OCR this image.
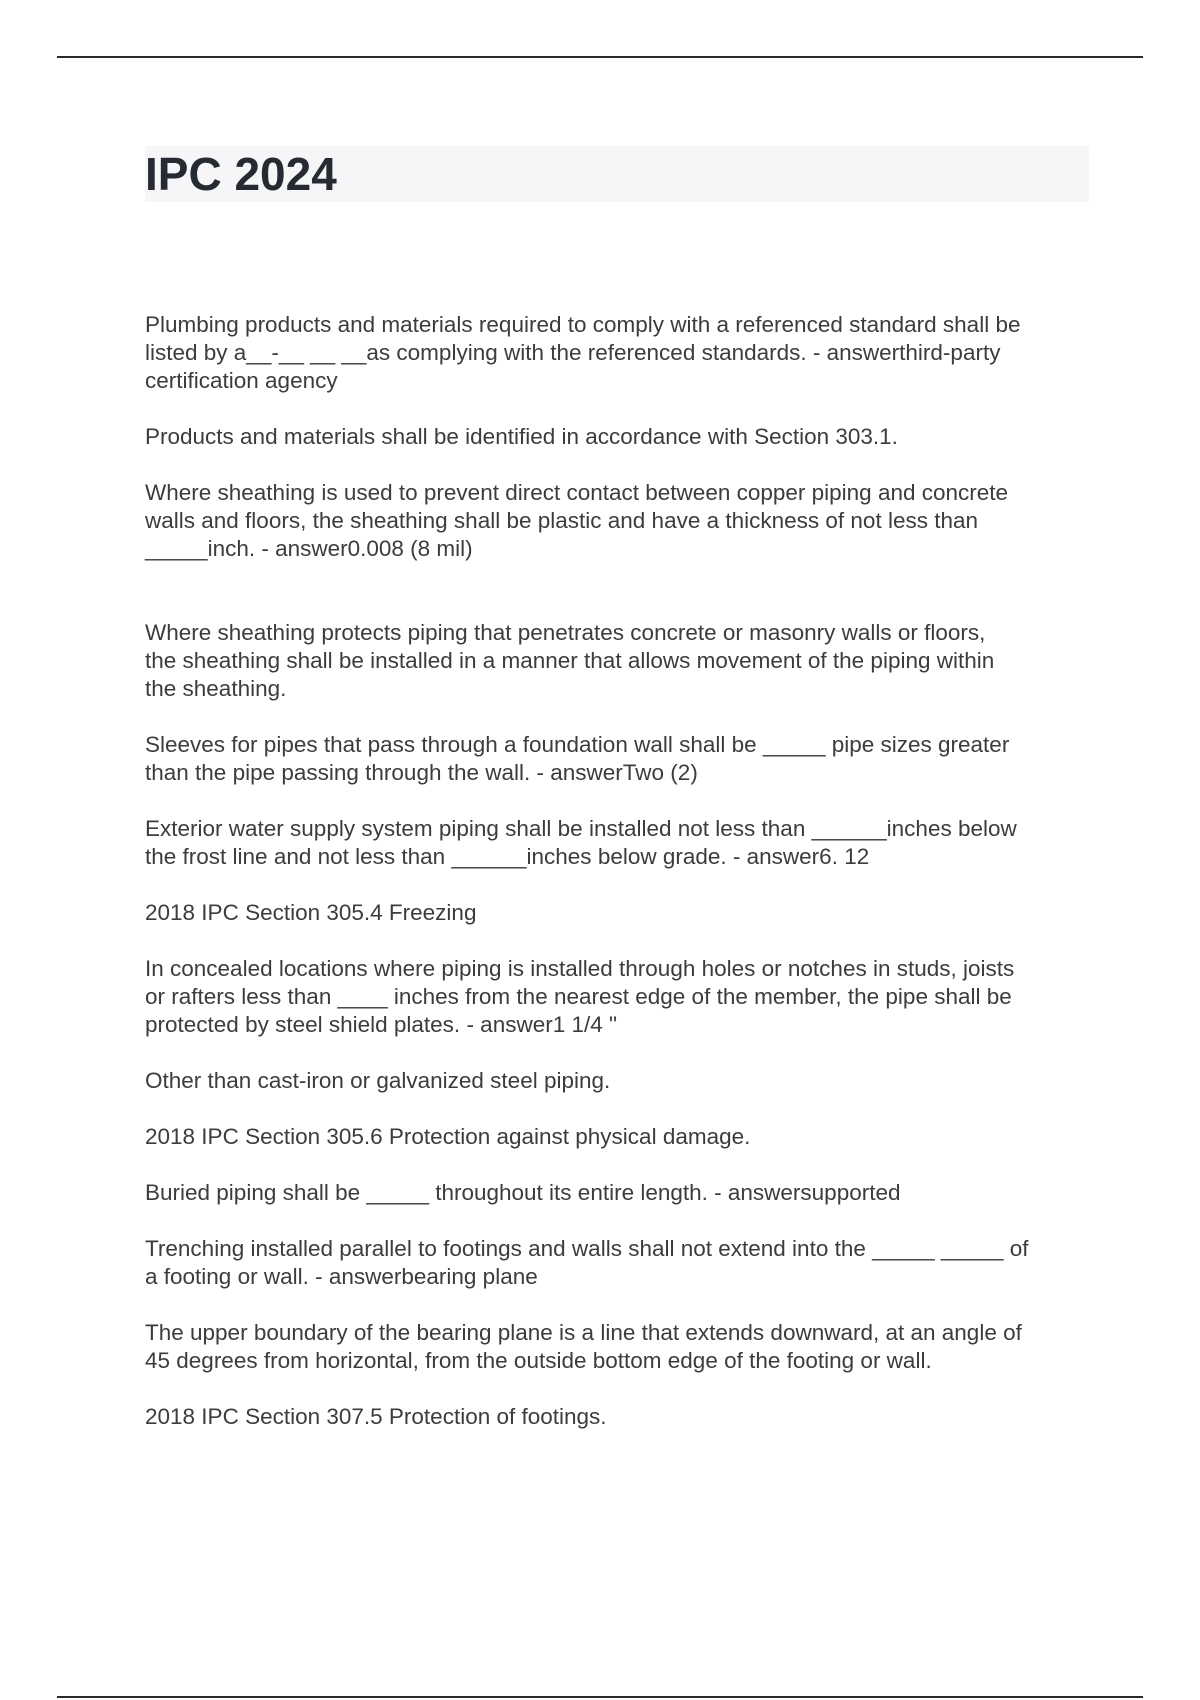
IPC 2024

Plumbing products and materials required to comply with a referenced standard shall be
listed by a__-__ __ __as complying with the referenced standards. - answerthird-party
certification agency

Products and materials shall be identified in accordance with Section 303.1.

Where sheathing is used to prevent direct contact between copper piping and concrete
walls and floors, the sheathing shall be plastic and have a thickness of not less than
_____inch. - answer0.008 (8 mil)

Where sheathing protects piping that penetrates concrete or masonry walls or floors,
the sheathing shall be installed in a manner that allows movement of the piping within
the sheathing.

Sleeves for pipes that pass through a foundation wall shall be _____ pipe sizes greater
than the pipe passing through the wall. - answerTwo (2)

Exterior water supply system piping shall be installed not less than ______inches below
the frost line and not less than ______inches below grade. - answer6. 12

2018 IPC Section 305.4 Freezing

In concealed locations where piping is installed through holes or notches in studs, joists
or rafters less than ____ inches from the nearest edge of the member, the pipe shall be
protected by steel shield plates. - answer1 1/4 "

Other than cast-iron or galvanized steel piping.

2018 IPC Section 305.6 Protection against physical damage.

Buried piping shall be _____ throughout its entire length. - answersupported

Trenching installed parallel to footings and walls shall not extend into the _____ _____ of
a footing or wall. - answerbearing plane

The upper boundary of the bearing plane is a line that extends downward, at an angle of
45 degrees from horizontal, from the outside bottom edge of the footing or wall.

2018 IPC Section 307.5 Protection of footings.
